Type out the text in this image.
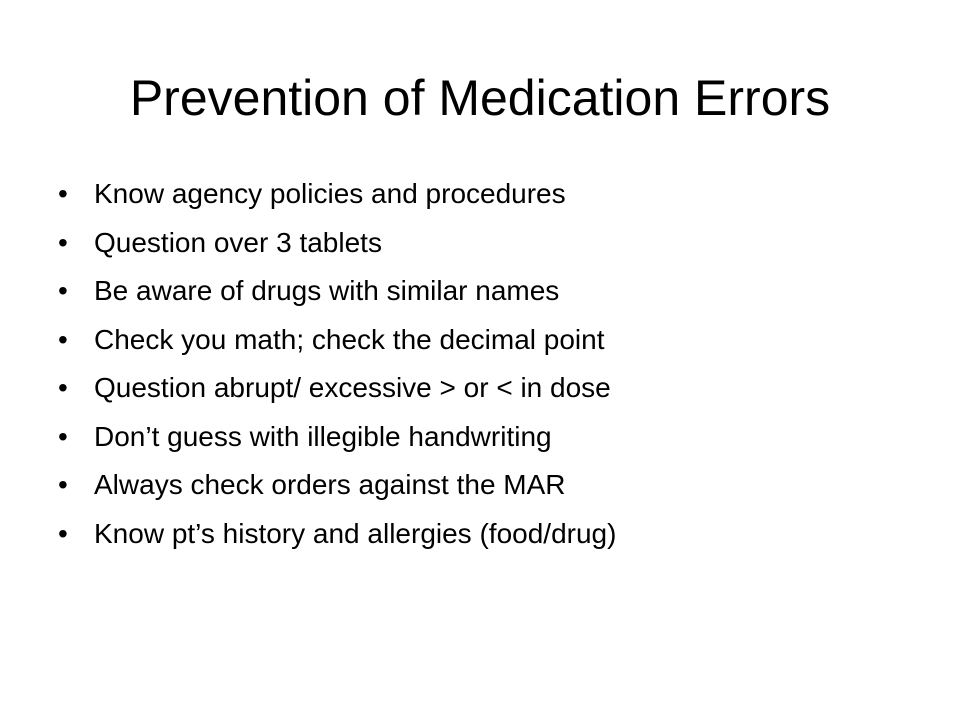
Prevention of Medication Errors
• Know agency policies and procedures
• Question over 3 tablets
• Be aware of drugs with similar names
• Check you math; check the decimal point
• Question abrupt/ excessive > or < in dose
• Don’t guess with illegible handwriting
• Always check orders against the MAR
• Know pt’s history and allergies (food/drug)
